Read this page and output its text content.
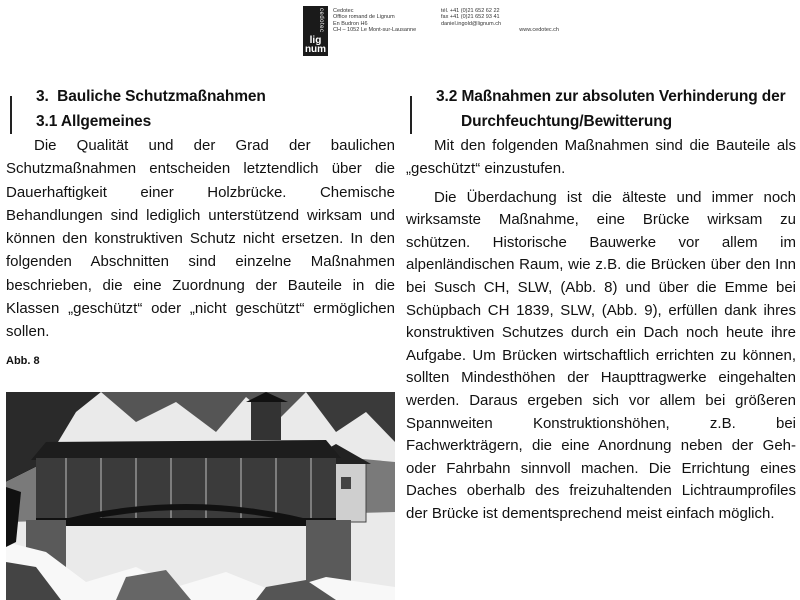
cedotec
lig num
Cedotec
Office romand de Lignum
En Budron H6
CH – 1052 Le Mont-sur-Lausanne
tél. +41 (0)21 652 62 22
fax +41 (0)21 652 93 41
daniel.ingold@lignum.ch
www.cedotec.ch
3. Bauliche Schutzmaßnahmen
3.1 Allgemeines
Die Qualität und der Grad der baulichen Schutzmaßnahmen entscheiden letztendlich über die Dauerhaftigkeit einer Holzbrücke. Chemische Behandlungen sind lediglich unterstützend wirksam und können den konstruktiven Schutz nicht ersetzen. In den folgenden Abschnitten sind einzelne Maßnahmen beschrieben, die eine Zuordnung der Bauteile in die Klassen „geschützt“ oder „nicht geschützt“ ermöglichen sollen.
Abb. 8
3.2 Maßnahmen zur absoluten Verhinderung der
Durchfeuchtung/Bewitterung
Mit den folgenden Maßnahmen sind die Bauteile als „geschützt“ einzustufen.
Die Überdachung ist die älteste und immer noch wirksamste Maßnahme, eine Brücke wirksam zu schützen. Historische Bauwerke vor allem im alpenländischen Raum, wie z.B. die Brücken über den Inn bei Susch CH, SLW, (Abb. 8) und über die Emme bei Schüpbach CH 1839, SLW, (Abb. 9), erfüllen dank ihres konstruktiven Schutzes durch ein Dach noch heute ihre Aufgabe. Um Brücken wirtschaftlich errichten zu können, sollten Mindesthöhen der Haupttragwerke eingehalten werden. Daraus ergeben sich vor allem bei größeren Spannweiten Konstruktionshöhen, z.B. bei Fachwerkträgern, die eine Anordnung neben der Geh- oder Fahrbahn sinnvoll machen. Die Errichtung eines Daches oberhalb des freizuhaltenden Lichtraumprofiles der Brücke ist dementsprechend meist einfach möglich.
